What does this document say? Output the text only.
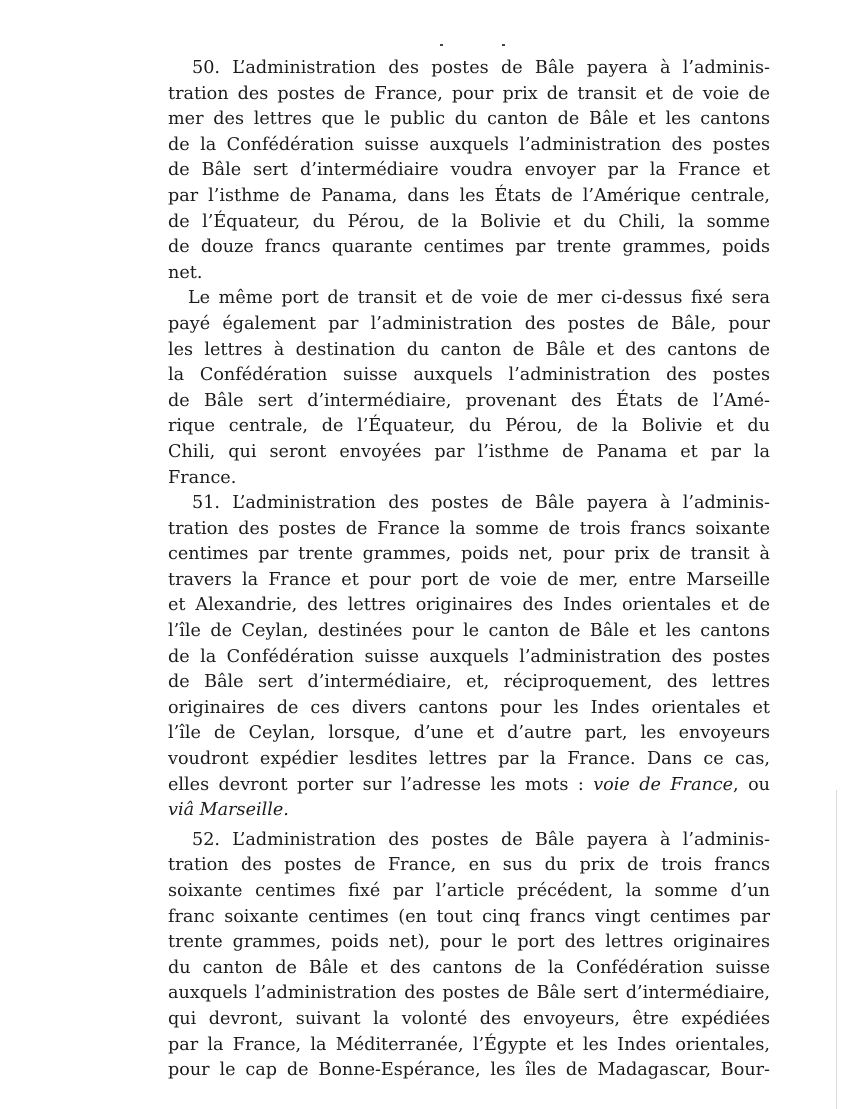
50. L’administration des postes de Bâle payera à l’adminis-
tration des postes de France, pour prix de transit et de voie de
mer des lettres que le public du canton de Bâle et les cantons
de la Confédération suisse auxquels l’administration des postes
de Bâle sert d’intermédiaire voudra envoyer par la France et
par l’isthme de Panama, dans les États de l’Amérique centrale,
de l’Équateur, du Pérou, de la Bolivie et du Chili, la somme
de douze francs quarante centimes par trente grammes, poids
net.
Le même port de transit et de voie de mer ci-dessus fixé sera
payé également par l’administration des postes de Bâle, pour
les lettres à destination du canton de Bâle et des cantons de
la Confédération suisse auxquels l’administration des postes
de Bâle sert d’intermédiaire, provenant des États de l’Amé-
rique centrale, de l’Équateur, du Pérou, de la Bolivie et du
Chili, qui seront envoyées par l’isthme de Panama et par la
France.
51. L’administration des postes de Bâle payera à l’adminis-
tration des postes de France la somme de trois francs soixante
centimes par trente grammes, poids net, pour prix de transit à
travers la France et pour port de voie de mer, entre Marseille
et Alexandrie, des lettres originaires des Indes orientales et de
l’île de Ceylan, destinées pour le canton de Bâle et les cantons
de la Confédération suisse auxquels l’administration des postes
de Bâle sert d’intermédiaire, et, réciproquement, des lettres
originaires de ces divers cantons pour les Indes orientales et
l’île de Ceylan, lorsque, d’une et d’autre part, les envoyeurs
voudront expédier lesdites lettres par la France. Dans ce cas,
elles devront porter sur l’adresse les mots : voie de France, ou
viâ Marseille.
52. L’administration des postes de Bâle payera à l’adminis-
tration des postes de France, en sus du prix de trois francs
soixante centimes fixé par l’article précédent, la somme d’un
franc soixante centimes (en tout cinq francs vingt centimes par
trente grammes, poids net), pour le port des lettres originaires
du canton de Bâle et des cantons de la Confédération suisse
auxquels l’administration des postes de Bâle sert d’intermédiaire,
qui devront, suivant la volonté des envoyeurs, être expédiées
par la France, la Méditerranée, l’Égypte et les Indes orientales,
pour le cap de Bonne-Espérance, les îles de Madagascar, Bour-
